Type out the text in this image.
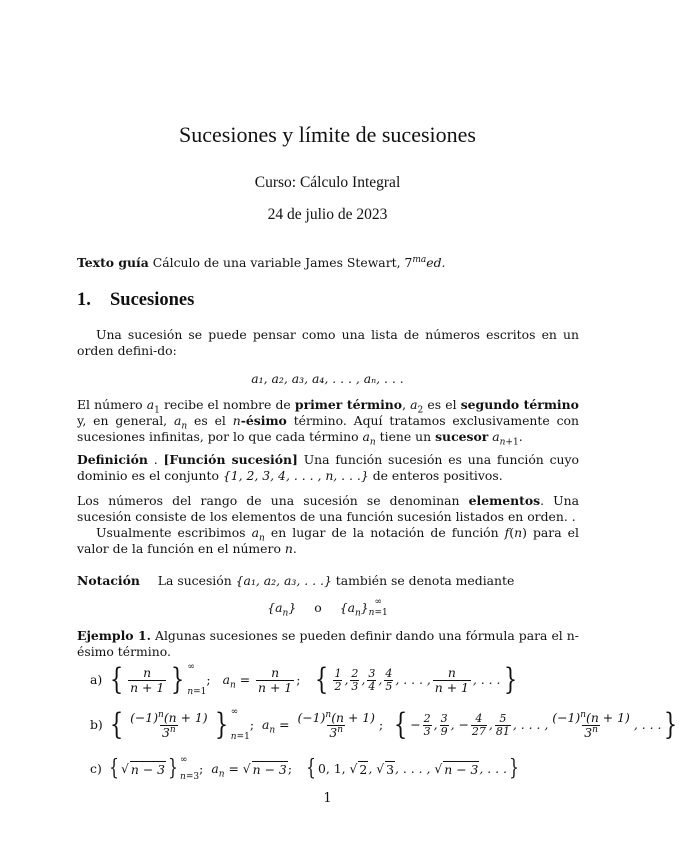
Sucesiones y límite de sucesiones
Curso: Cálculo Integral
24 de julio de 2023
Texto guía Cálculo de una variable James Stewart, $7^{ma}ed$.
1. Sucesiones
Una sucesión se puede pensar como una lista de números escritos en un orden defini-do:
a₁, a₂, a₃, a₄, . . . , aₙ, . . .
El número $a_1$ recibe el nombre de primer término, $a_2$ es el segundo término y, en general, $a_n$ es el n-ésimo término. Aquí tratamos exclusivamente con sucesiones infinitas, por lo que cada término $a_n$ tiene un sucesor $a_{n+1}$.
Definición . [Función sucesión] Una función sucesión es una función cuyo dominio es el conjunto {1, 2, 3, 4, . . . , n, . . .} de enteros positivos.
Los números del rango de una sucesión se denominan elementos. Una sucesión consiste de los elementos de una función sucesión listados en orden. .
Usualmente escribimos $a_n$ en lugar de la notación de función f(n) para el valor de la función en el número n.
Notación La sucesión {a₁, a₂, a₃, . . .} también se denota mediante
$\{a_n\}$ o $\{a_n\}$ ∞
n=1
Ejemplo 1. Algunas sucesiones se pueden definir dando una fórmula para el n-ésimo término.
a) { $\frac{n}{n + 1}$ } ∞
n=1
; $a_n = \frac{n}{n + 1}$ ; { $\frac{1}{2}$ , $\frac{2}{3}$ , $\frac{3}{4}$ , $\frac{4}{5}$ , . . . , $\frac{n}{n + 1}$ , . . . }
b) { $\frac{(-1)^n(n + 1)}{3^n}$ } ∞
n=1
; $a_n = \frac{(-1)^n(n + 1)}{3^n}$ ; { − $\frac{2}{3}$ , $\frac{3}{9}$ , − $\frac{4}{27}$ , $\frac{5}{81}$ , . . . , $\frac{(-1)^n(n + 1)}{3^n}$ , . . . }
c) { √ n − 3 } ∞
n=3
; $a_n$ = √ n − 3 ; { 0, 1, √ 2 , √ 3 , . . . , √ n − 3 , . . . }
1
